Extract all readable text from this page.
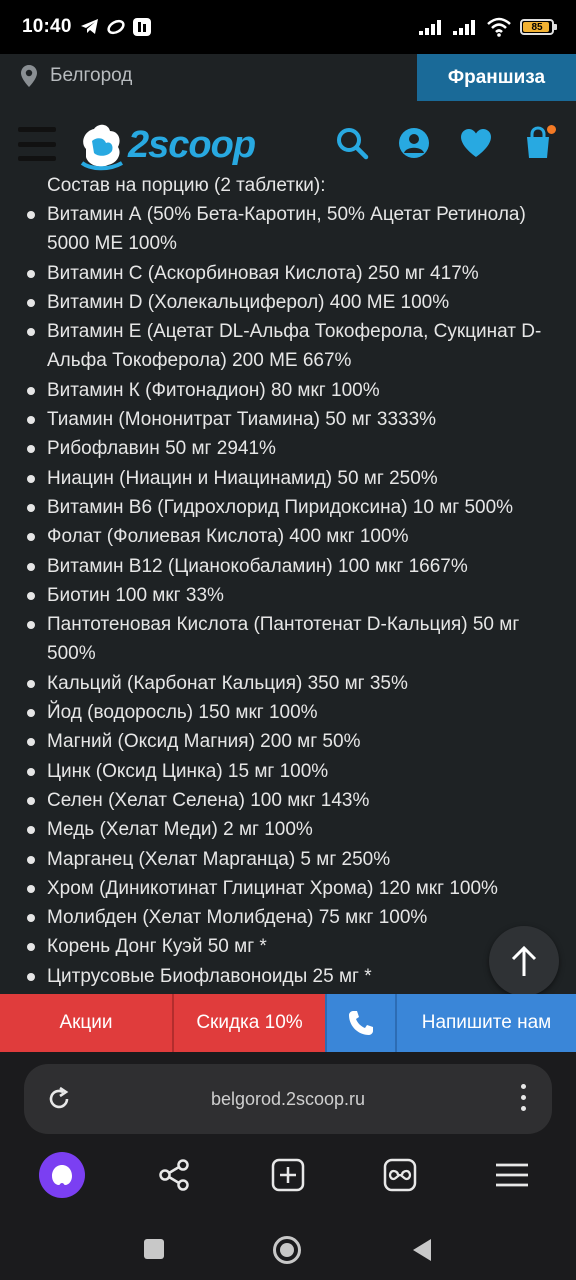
10:40	85
Белгород	Франшиза
2scoop
Состав на порцию (2 таблетки):
Витамин А (50% Бета-Каротин, 50% Ацетат Ретинола) 5000 МЕ 100%
Витамин С (Аскорбиновая Кислота) 250 мг 417%
Витамин D (Холекальциферол) 400 МЕ 100%
Витамин Е (Ацетат DL-Альфа Токоферола, Сукцинат D-Альфа Токоферола) 200 МЕ 667%
Витамин К (Фитонадион) 80 мкг 100%
Тиамин (Мононитрат Тиамина) 50 мг 3333%
Рибофлавин 50 мг 2941%
Ниацин (Ниацин и Ниацинамид) 50 мг 250%
Витамин В6 (Гидрохлорид Пиридоксина) 10 мг 500%
Фолат (Фолиевая Кислота) 400 мкг 100%
Витамин В12 (Цианокобаламин) 100 мкг 1667%
Биотин 100 мкг 33%
Пантотеновая Кислота (Пантотенат D-Кальция) 50 мг 500%
Кальций (Карбонат Кальция) 350 мг 35%
Йод (водоросль) 150 мкг 100%
Магний (Оксид Магния) 200 мг 50%
Цинк (Оксид Цинка) 15 мг 100%
Селен (Хелат Селена) 100 мкг 143%
Медь (Хелат Меди) 2 мг 100%
Марганец (Хелат Марганца) 5 мг 250%
Хром (Диникотинат Глицинат Хрома) 120 мкг 100%
Молибден (Хелат Молибдена) 75 мкг 100%
Корень Донг Куэй 50 мг *
Цитрусовые Биофлавоноиды 25 мг *
Акции	Скидка 10%	Напишите нам
belgorod.2scoop.ru
